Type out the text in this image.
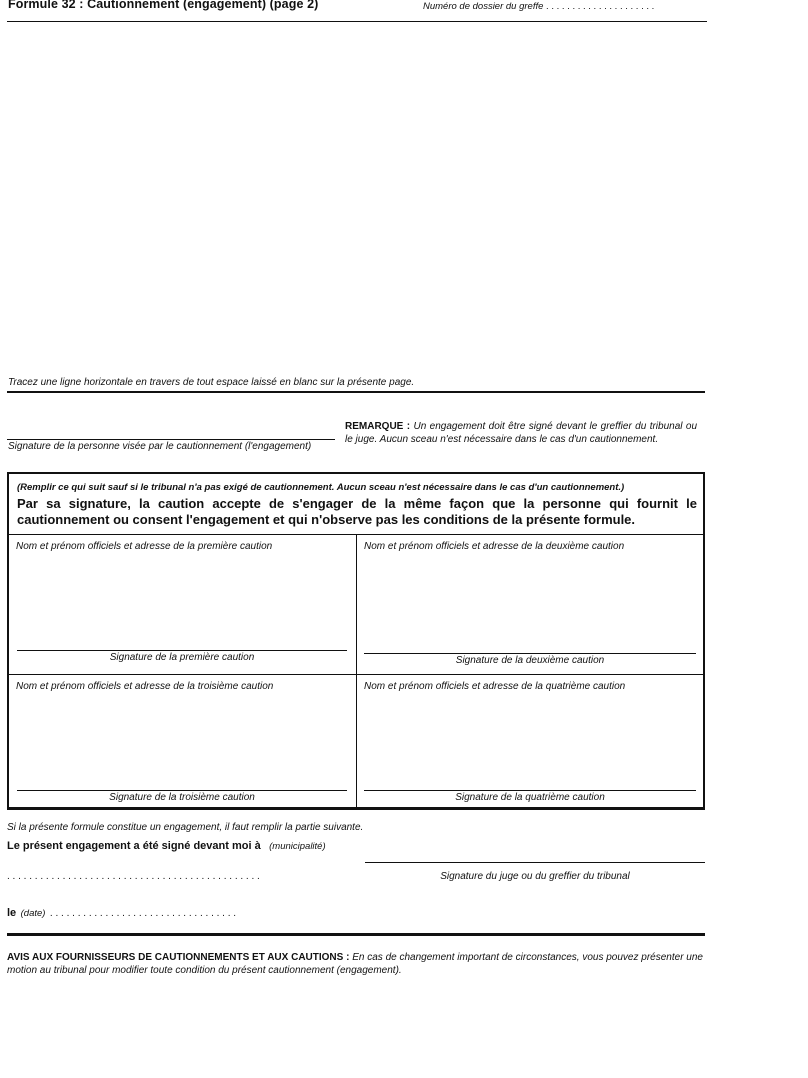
Formule 32 : Cautionnement (engagement) (page 2)	Numéro de dossier du greffe . . . . . . . . . . . . . . . . . . . . .
Tracez une ligne horizontale en travers de tout espace laissé en blanc sur la présente page.
Signature de la personne visée par le cautionnement (l'engagement)
REMARQUE : Un engagement doit être signé devant le greffier du tribunal ou le juge. Aucun sceau n'est nécessaire dans le cas d'un cautionnement.
(Remplir ce qui suit sauf si le tribunal n'a pas exigé de cautionnement. Aucun sceau n'est nécessaire dans le cas d'un cautionnement.)
Par sa signature, la caution accepte de s'engager de la même façon que la personne qui fournit le cautionnement ou consent l'engagement et qui n'observe pas les conditions de la présente formule.
Nom et prénom officiels et adresse de la première caution
Signature de la première caution
Nom et prénom officiels et adresse de la deuxième caution
Signature de la deuxième caution
Nom et prénom officiels et adresse de la troisième caution
Signature de la troisième caution
Nom et prénom officiels et adresse de la quatrième caution
Signature de la quatrième caution
Si la présente formule constitue un engagement, il faut remplir la partie suivante.
Le présent engagement a été signé devant moi à (municipalité)
. . . . . . . . . . . . . . . . . . . . . . . . . . . . . . . . . . . . . . . . . . . . . .	Signature du juge ou du greffier du tribunal
le (date) . . . . . . . . . . . . . . . . . . . . . . . . . . . . . . . . . .
AVIS AUX FOURNISSEURS DE CAUTIONNEMENTS ET AUX CAUTIONS : En cas de changement important de circonstances, vous pouvez présenter une motion au tribunal pour modifier toute condition du présent cautionnement (engagement).
